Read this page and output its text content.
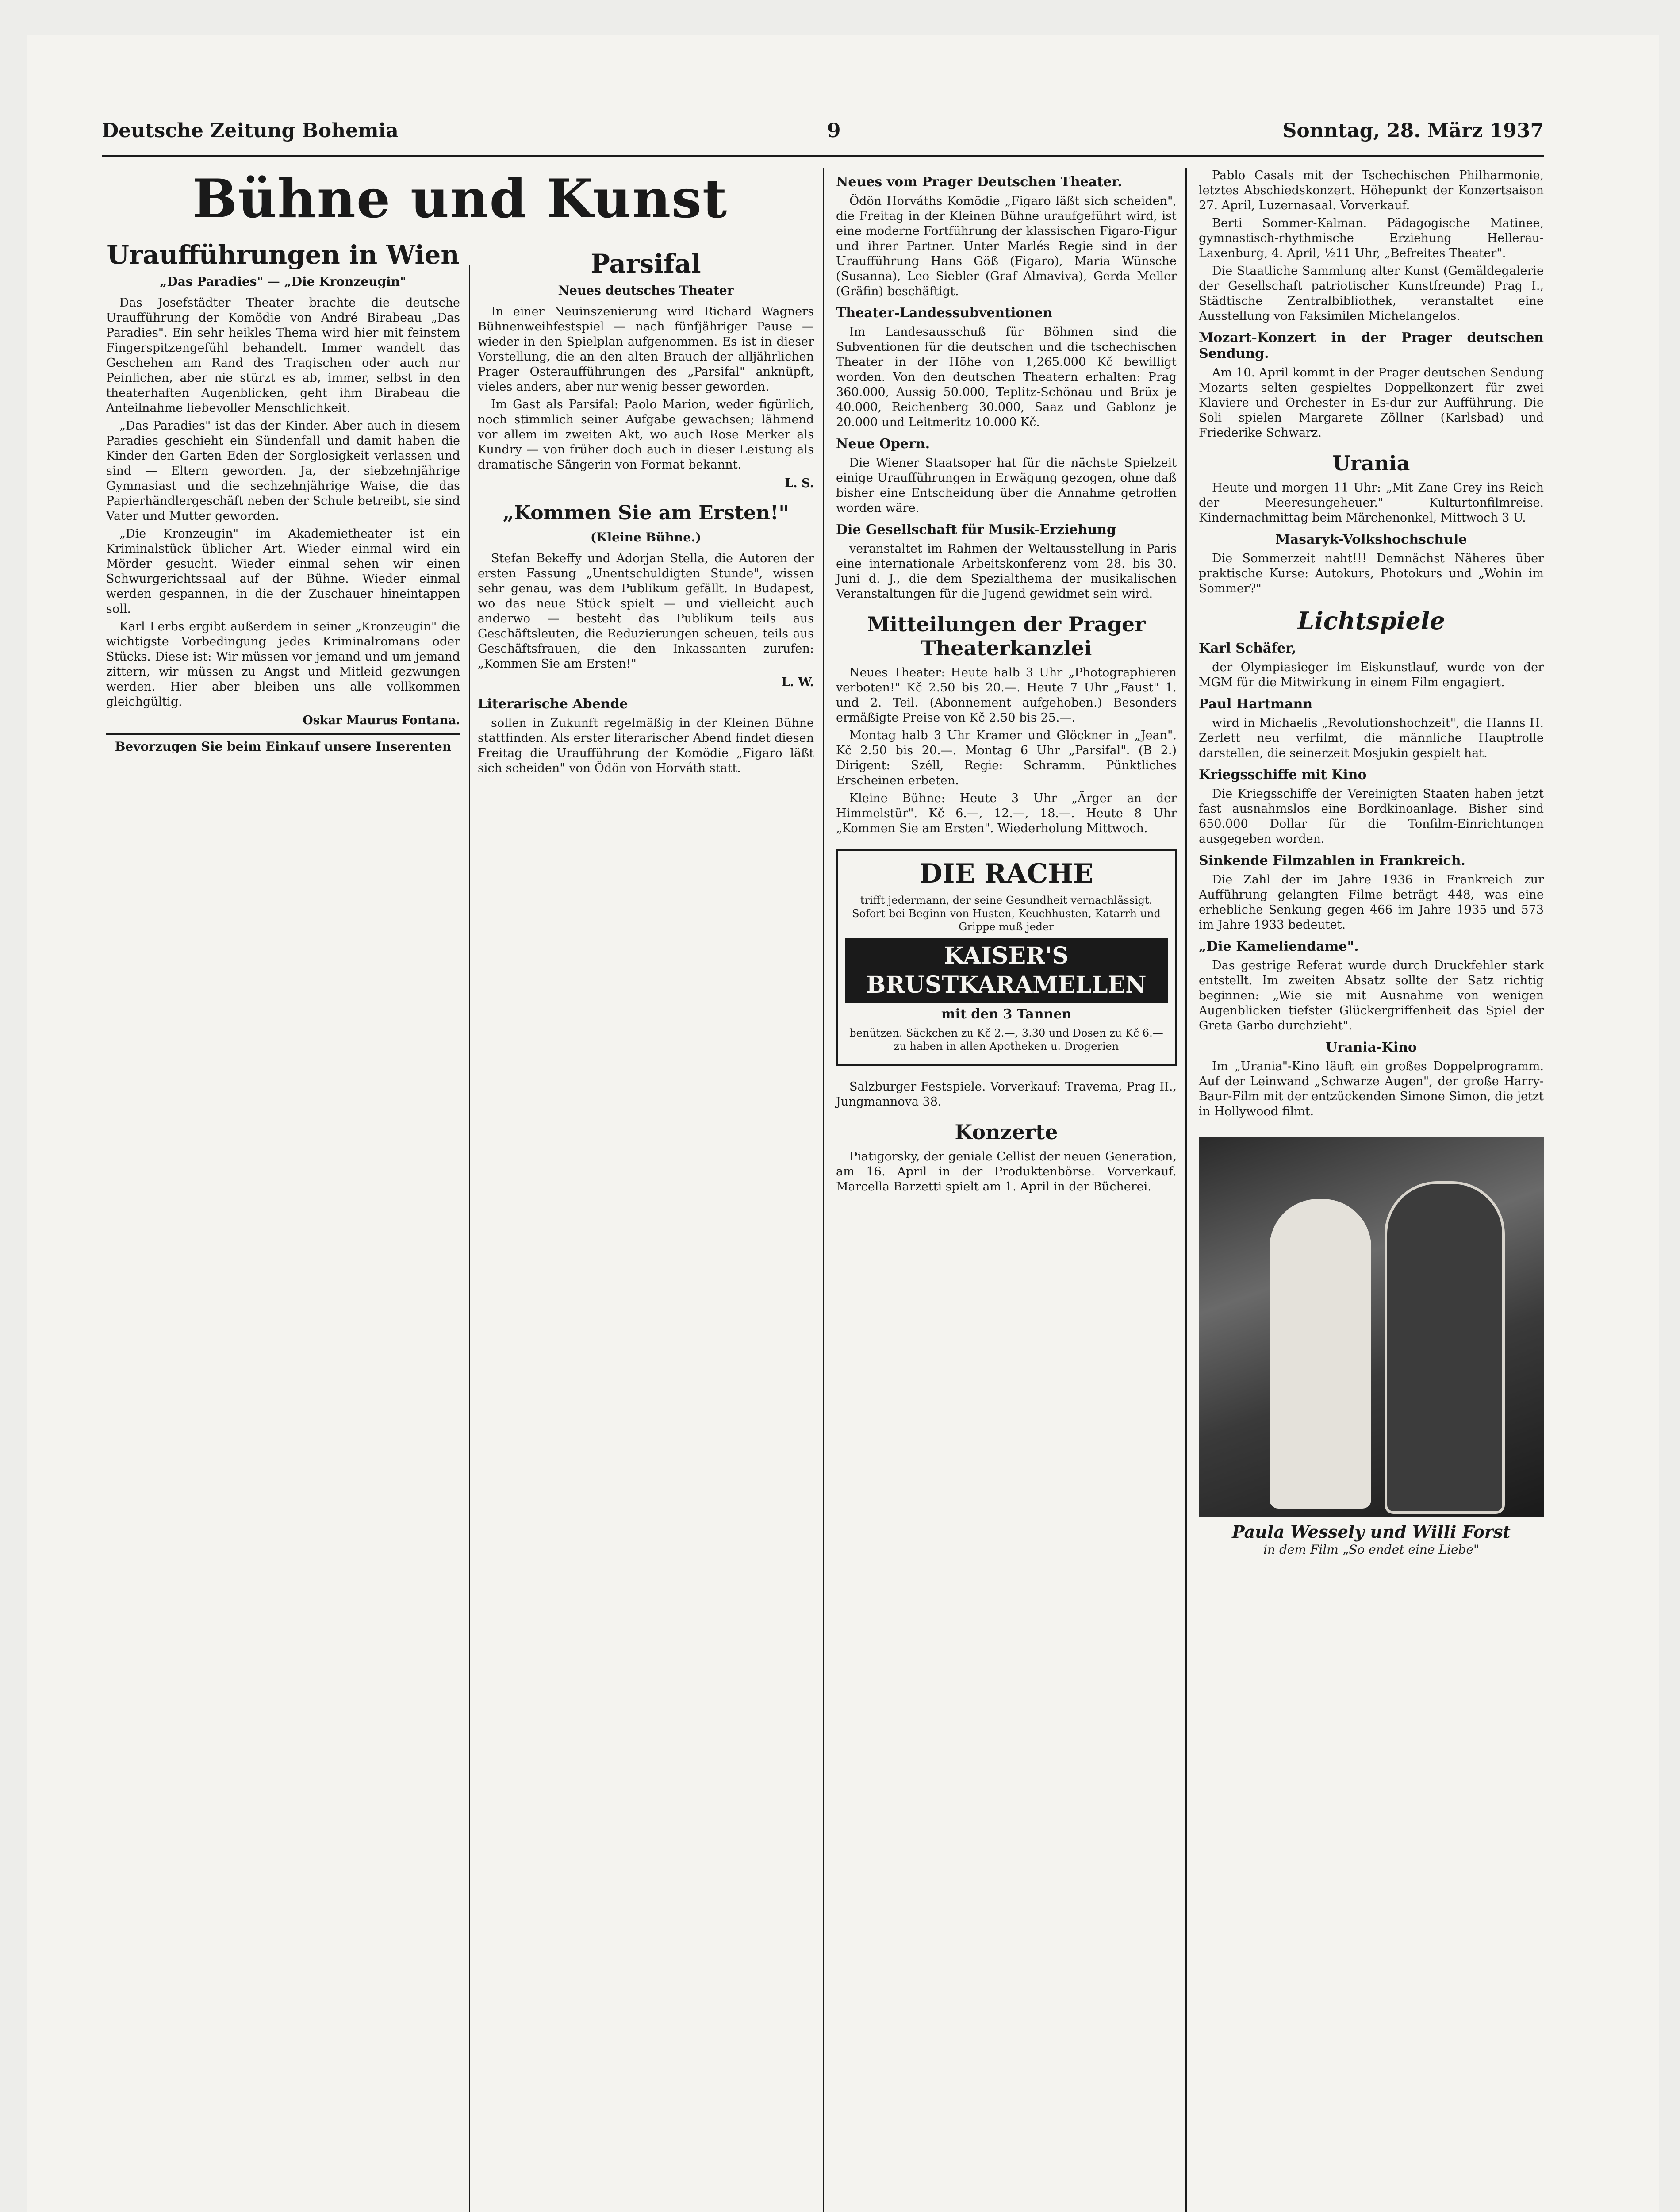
Deutsche Zeitung Bohemia	9	Sonntag, 28. März 1937
Bühne und Kunst
Uraufführungen in Wien
„Das Paradies" — „Die Kronzeugin"

Das Josefstädter Theater brachte die deutsche Uraufführung der Komödie von André Birabeau „Das Paradies". Ein sehr heikles Thema wird hier mit feinstem Fingerspitzengefühl behandelt. Immer wandelt das Geschehen am Rand des Tragischen oder auch nur Peinlichen, aber nie stürzt es ab, immer, selbst in den theaterhaften Augenblicken, geht ihm Birabeau die Anteilnahme liebevoller Menschlichkeit.

„Das Paradies" ist das der Kinder. Aber auch in diesem Paradies geschieht ein Sündenfall und damit haben die Kinder den Garten Eden der Sorglosigkeit verlassen und sind — Eltern geworden. Ja, der siebzehnjährige Gymnasiast und die sechzehnjährige Waise, die das Papierhändlergeschäft neben der Schule betreibt, sie sind Vater und Mutter geworden.

„Die Kronzeugin" im Akademietheater ist ein Kriminalstück üblicher Art. Wieder einmal wird ein Mörder gesucht. Wieder einmal sehen wir einen Schwurgerichtssaal auf der Bühne. Wieder einmal werden gespannen, in die der Zuschauer hineintappen soll.

Karl Lerbs ergibt außerdem in seiner „Kronzeugin" die wichtigste Vorbedingung jedes Kriminalromans oder Stücks. Diese ist: Wir müssen vor jemand und um jemand zittern, wir müssen zu Angst und Mitleid gezwungen werden. Hier aber bleiben uns alle vollkommen gleichgültig.

Oskar Maurus Fontana.
Bevorzugen Sie beim Einkauf unsere Inserenten
Parsifal
Neues deutsches Theater

In einer Neuinszenierung wird Richard Wagners Bühnenweihfestspiel — nach fünfjähriger Pause — wieder in den Spielplan aufgenommen. Es ist in dieser Vorstellung, die an den alten Brauch der alljährlichen Prager Osteraufführungen des „Parsifal" anknüpft, vieles anders, aber nur wenig besser geworden.

Im Gast als Parsifal: Paolo Marion, weder figürlich, noch stimmlich seiner Aufgabe gewachsen; lähmend vor allem im zweiten Akt, wo auch Rose Merker als Kundry — von früher doch auch in dieser Leistung als dramatische Sängerin von Format bekannt.

L. S.
„Kommen Sie am Ersten!"
(Kleine Bühne.)

Stefan Bekeffy und Adorjan Stella, die Autoren der ersten Fassung „Unentschuldigten Stunde", wissen sehr genau, was dem Publikum gefällt. In Budapest, wo das neue Stück spielt — und vielleicht auch anderwo — besteht das Publikum teils aus Geschäftsleuten, die Reduzierungen scheuen, teils aus Geschäftsfrauen, die den Inkassanten zurufen: „Kommen Sie am Ersten!"

L. W.
Literarische Abende

sollen in Zukunft regelmäßig in der Kleinen Bühne stattfinden. Als erster literarischer Abend findet diesen Freitag die Uraufführung der Komödie „Figaro läßt sich scheiden" von Ödön von Horváth statt.

Neues vom Prager Deutschen Theater.

Ödön Horváths Komödie „Figaro läßt sich scheiden", die Freitag in der Kleinen Bühne uraufgeführt wird, ist eine moderne Fortführung der klassischen Figaro-Figur und ihrer Partner. Unter Marlés Regie sind in der Uraufführung Hans Göß (Figaro), Maria Wünsche (Susanna), Leo Siebler (Graf Almaviva), Gerda Meller (Gräfin) beschäftigt.

Theater-Landessubventionen

Im Landesausschuß für Böhmen sind die Subventionen für die deutschen und die tschechischen Theater in der Höhe von 1,265.000 Kč bewilligt worden. Von den deutschen Theatern erhalten: Prag 360.000, Aussig 50.000, Teplitz-Schönau und Brüx je 40.000, Reichenberg 30.000, Saaz und Gablonz je 20.000 und Leitmeritz 10.000 Kč.

Neue Opern.

Die Wiener Staatsoper hat für die nächste Spielzeit einige Uraufführungen in Erwägung gezogen, ohne daß bisher eine Entscheidung über die Annahme getroffen worden wäre.

Die Gesellschaft für Musik-Erziehung

veranstaltet im Rahmen der Weltausstellung in Paris eine internationale Arbeitskonferenz vom 28. bis 30. Juni d. J., die dem Spezialthema der musikalischen Veranstaltungen für die Jugend gewidmet sein wird.

Mitteilungen der Prager Theaterkanzlei

Neues Theater: Heute halb 3 Uhr „Photographieren verboten!" Kč 2.50 bis 20.—. Heute 7 Uhr „Faust" 1. und 2. Teil. (Abonnement aufgehoben.) Besonders ermäßigte Preise von Kč 2.50 bis 25.—.

Montag halb 3 Uhr Kramer und Glöckner in „Jean". Kč 2.50 bis 20.—. Montag 6 Uhr „Parsifal". (B 2.) Dirigent: Széll, Regie: Schramm. Pünktliches Erscheinen erbeten.

Kleine Bühne: Heute 3 Uhr „Ärger an der Himmelstür". Kč 6.—, 12.—, 18.—. Heute 8 Uhr „Kommen Sie am Ersten". Wiederholung Mittwoch.

DIE RACHE
trifft jedermann, der seine Gesundheit vernachlässigt. Sofort bei Beginn von Husten, Keuchhusten, Katarrh und Grippe muß jeder
KAISER'S BRUSTKARAMELLEN
mit den 3 Tannen
benützen. Säckchen zu Kč 2.—, 3.30 und Dosen zu Kč 6.— zu haben in allen Apotheken u. Drogerien

Salzburger Festspiele. Vorverkauf: Travema, Prag II., Jungmannova 38.

Konzerte

Piatigorsky, der geniale Cellist der neuen Generation, am 16. April in der Produktenbörse. Vorverkauf. Marcella Barzetti spielt am 1. April in der Bücherei.

Pablo Casals mit der Tschechischen Philharmonie, letztes Abschiedskonzert. Höhepunkt der Konzertsaison 27. April, Luzernasaal. Vorverkauf.

Berti Sommer-Kalman. Pädagogische Matinee, gymnastisch-rhythmische Erziehung Hellerau-Laxenburg, 4. April, ½11 Uhr, „Befreites Theater".

Die Staatliche Sammlung alter Kunst (Gemäldegalerie der Gesellschaft patriotischer Kunstfreunde) Prag I., Städtische Zentralbibliothek, veranstaltet eine Ausstellung von Faksimilen Michelangelos.

Mozart-Konzert in der Prager deutschen Sendung.

Am 10. April kommt in der Prager deutschen Sendung Mozarts selten gespieltes Doppelkonzert für zwei Klaviere und Orchester in Es-dur zur Aufführung. Die Soli spielen Margarete Zöllner (Karlsbad) und Friederike Schwarz.

Urania

Heute und morgen 11 Uhr: „Mit Zane Grey ins Reich der Meeresungeheuer." Kulturtonfilmreise. Kindernachmittag beim Märchenonkel, Mittwoch 3 U.

Masaryk-Volkshochschule

Die Sommerzeit naht!!! Demnächst Näheres über praktische Kurse: Autokurs, Photokurs und „Wohin im Sommer?"

Lichtspiele
Karl Schäfer,

der Olympiasieger im Eiskunstlauf, wurde von der MGM für die Mitwirkung in einem Film engagiert.

Paul Hartmann

wird in Michaelis „Revolutionshochzeit", die Hanns H. Zerlett neu verfilmt, die männliche Hauptrolle darstellen, die seinerzeit Mosjukin gespielt hat.

Kriegsschiffe mit Kino

Die Kriegsschiffe der Vereinigten Staaten haben jetzt fast ausnahmslos eine Bordkinoanlage. Bisher sind 650.000 Dollar für die Tonfilm-Einrichtungen ausgegeben worden.

Sinkende Filmzahlen in Frankreich.

Die Zahl der im Jahre 1936 in Frankreich zur Aufführung gelangten Filme beträgt 448, was eine erhebliche Senkung gegen 466 im Jahre 1935 und 573 im Jahre 1933 bedeutet.

„Die Kameliendame".

Das gestrige Referat wurde durch Druckfehler stark entstellt. Im zweiten Absatz sollte der Satz richtig beginnen: „Wie sie mit Ausnahme von wenigen Augenblicken tiefster Glückergriffenheit das Spiel der Greta Garbo durchzieht".

Urania-Kino

Im „Urania"-Kino läuft ein großes Doppelprogramm. Auf der Leinwand „Schwarze Augen", der große Harry-Baur-Film mit der entzückenden Simone Simon, die jetzt in Hollywood filmt.

Paula Wessely und Willi Forst
in dem Film „So endet eine Liebe"
